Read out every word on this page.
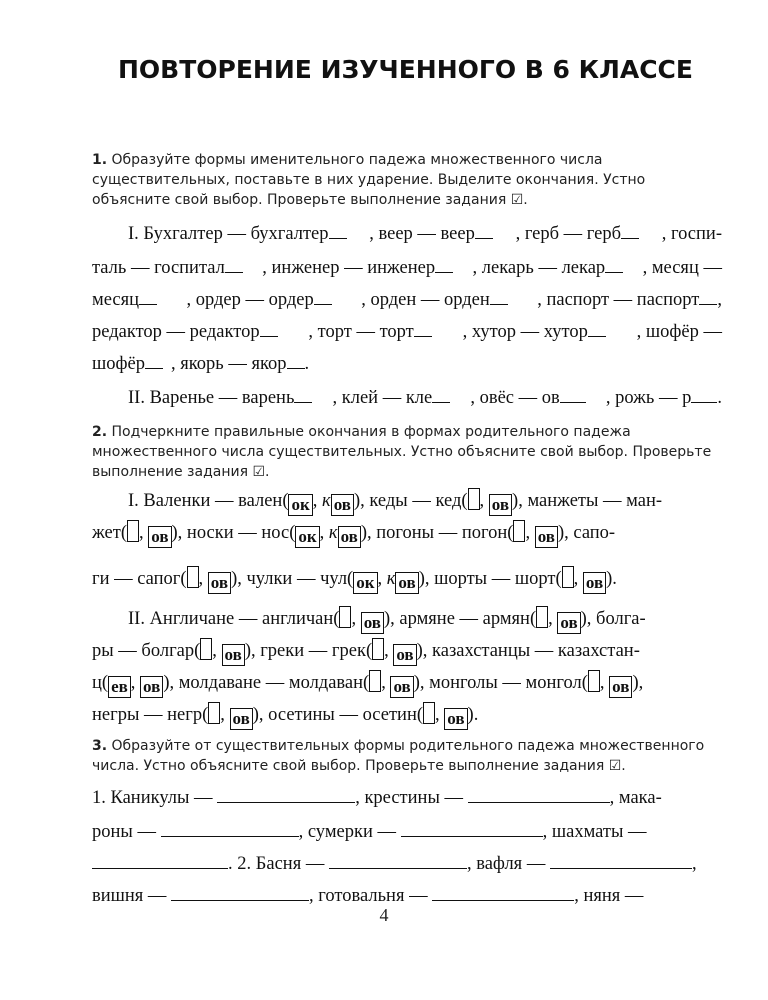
ПОВТОРЕНИЕ ИЗУЧЕННОГО В 6 КЛАССЕ
1. Образуйте формы именительного падежа множественного числа существительных, поставьте в них ударение. Выделите окончания. Устно объясните свой выбор. Проверьте выполнение задания ☑.
I. Бухгалтер — бухгалтер	, веер — веер	, герб — герб	, госпи-
таль — госпитал	, инженер — инженер	, лекарь — лекар	, месяц —
месяц	, ордер — ордер	, орден — орден	, паспорт — паспорт ,
редактор — редактор	, торт — торт	, хутор — хутор	, шофёр —
шофёр	, якорь — якор .
II. Варенье — варень	, клей — кле	, овёс — ов	, рожь — р .
2. Подчеркните правильные окончания в формах родительного падежа множественного числа существительных. Устно объясните свой выбор. Проверьте выполнение задания ☑.
I. Валенки — вален( ок , к ов ), кеды — кед( , ов ), манжеты — ман-
жет( , ов ), носки — нос( ок , к ов ), погоны — погон( , ов ), сапо-
ги — сапог( , ов ), чулки — чул( ок , к ов ), шорты — шорт( , ов ).
II. Англичане — англичан( , ов ), армяне — армян( , ов ), болга-
ры — болгар( , ов ), греки — грек( , ов ), казахстанцы — казахстан-
ц( ев , ов ), молдаване — молдаван( , ов ), монголы — монгол( , ов ),
негры — негр( , ов ), осетины — осетин( , ов ).
3. Образуйте от существительных формы родительного падежа множественного числа. Устно объясните свой выбор. Проверьте выполнение задания ☑.
1. Каникулы —	, крестины —	, мака-
роны —	, сумерки —	, шахматы —
. 2. Басня —	, вафля —	,
вишня —	, готовальня —	, няня —
4
